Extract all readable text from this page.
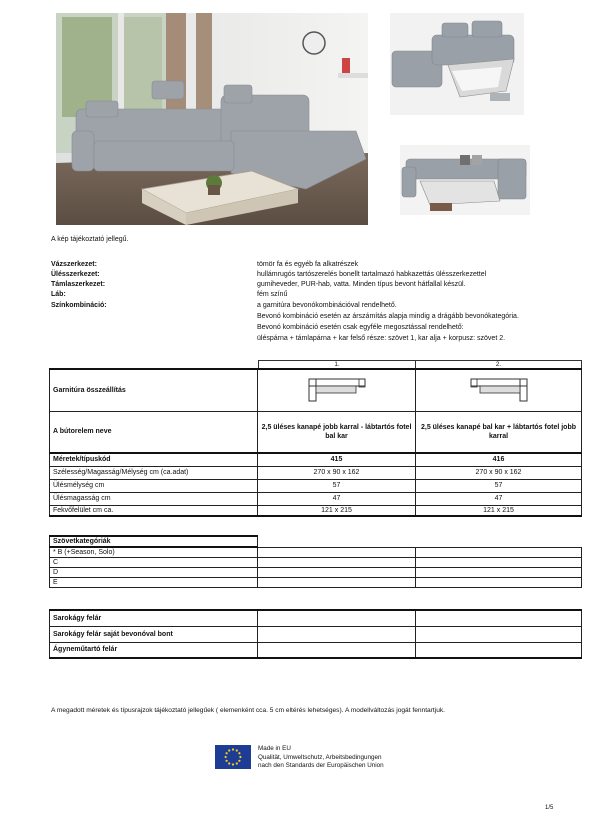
A kép tájékoztató jellegű.
Vázszerkezet:	tömör fa és egyéb fa alkatrészek
Ülésszerkezet:	hullámrugós tartószerelés bonellt tartalmazó habkazettás ülésszerkezettel
Támlaszerkezet:	gumiheveder, PUR-hab, vatta. Minden típus bevont hátfallal készül.
Láb:	fém színű
Színkombináció:	a garnitúra bevonókombinációval rendelhető.
Bevonó kombináció esetén az árszámítás alapja mindig a drágább bevonókategória.
Bevonó kombináció esetén csak egyféle megosztással rendelhető:
üléspárna + támlapárna + kar felső része: szövet 1, kar alja + korpusz: szövet 2.
1.	2.
Garnitúra összeállítás	

A bútorelem neve	2,5 üléses kanapé jobb karral - lábtartós fotel bal kar	2,5 üléses kanapé bal kar + lábtartós fotel jobb karral
Méretek/típuskód	415	416
Szélesség/Magasság/Mélység cm (ca.adat)	270 x 90 x 162	270 x 90 x 162
Ülésmélység cm	57	57
Ülésmagasság cm	47	47
Fekvőfelület cm ca.	121 x 215	121 x 215
Szövetkategóriák		
* B (+Season, Solo)		
C		
D		
E		
Sarokágy felár		
Sarokágy felár saját bevonóval bont		
Ágyneműtartó felár		
A megadott méretek és típusrajzok tájékoztató jellegűek ( elemenként cca. 5 cm eltérés lehetséges). A modellváltozás jogát fenntartjuk.
Made in EU
Qualität, Umweltschutz, Arbeitsbedingungen
nach den Standards der Europäischen Union
1/5
